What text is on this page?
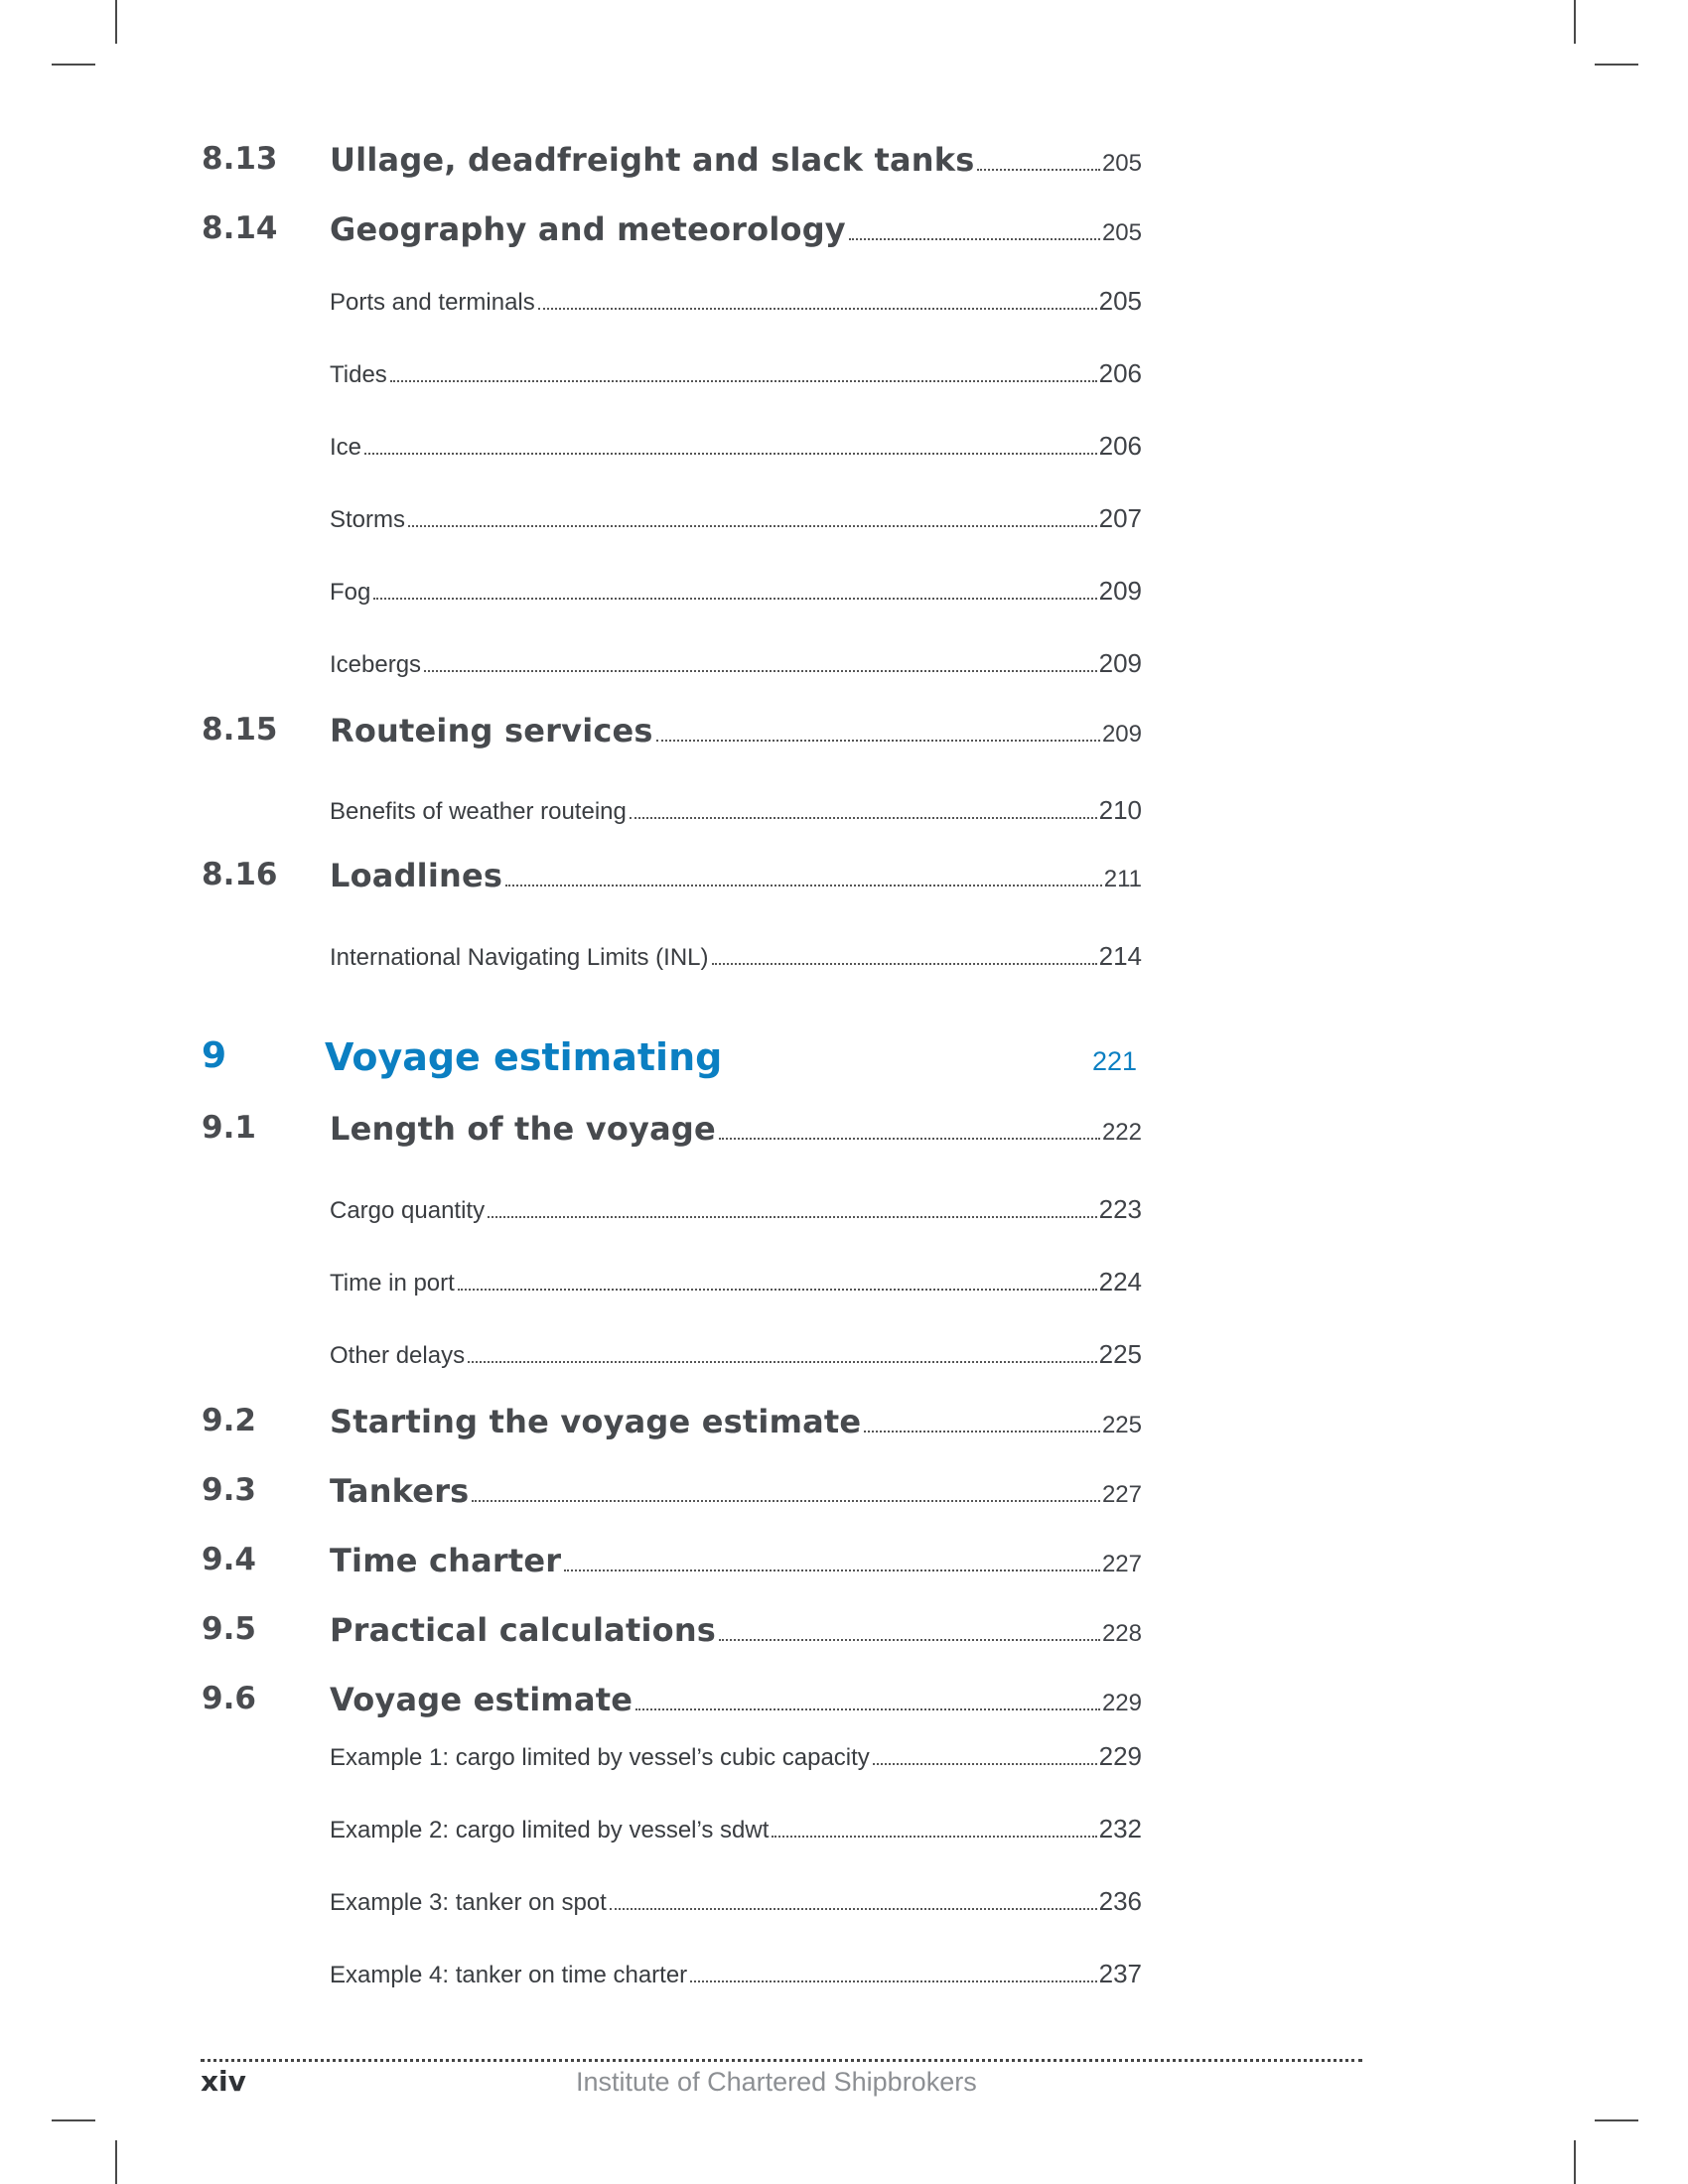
8.13 Ullage, deadfreight and slack tanks	205
8.14 Geography and meteorology	205
Ports and terminals	205
Tides	206
Ice	206
Storms	207
Fog	209
Icebergs	209
8.15 Routeing services	209
Benefits of weather routeing	210
8.16 Loadlines	211
International Navigating Limits (INL)	214
9	Voyage estimating	221
9.1 Length of the voyage	222
Cargo quantity	223
Time in port	224
Other delays	225
9.2 Starting the voyage estimate	225
9.3 Tankers	227
9.4 Time charter	227
9.5 Practical calculations	228
9.6 Voyage estimate	229
Example 1: cargo limited by vessel’s cubic capacity	229
Example 2: cargo limited by vessel’s sdwt	232
Example 3: tanker on spot	236
Example 4: tanker on time charter	237
xiv	Institute of Chartered Shipbrokers
